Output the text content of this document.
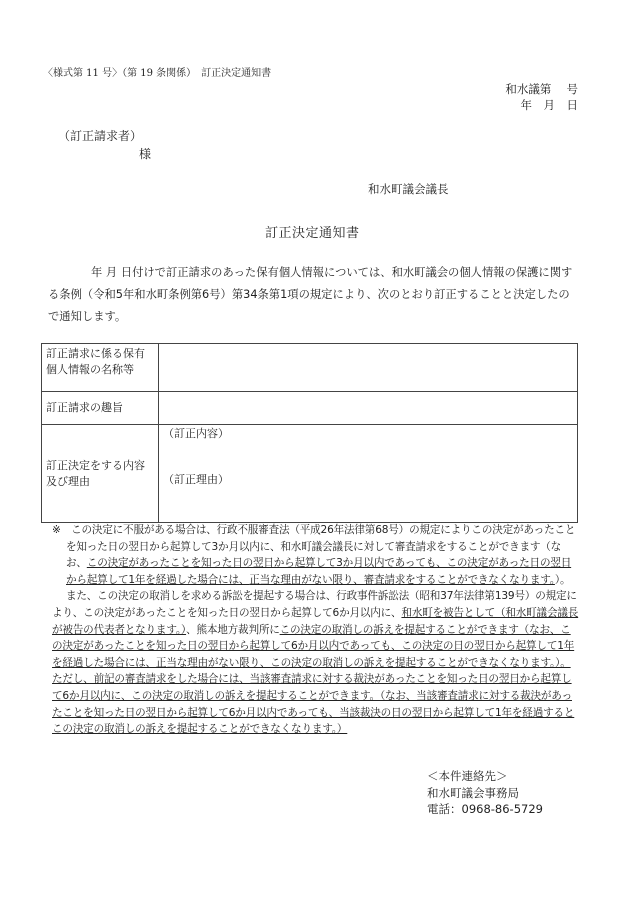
〈様式第 11 号〉（第 19 条関係）　訂正決定通知書
和水議第　 号
年　月　日
（訂正請求者）
様
和水町議会議長
訂正決定通知書
年 月 日付けで訂正請求のあった保有個人情報については、和水町議会の個人情報の保護に関する条例（令和5年和水町条例第6号）第34条第1項の規定により、次のとおり訂正することと決定したので通知します。
訂正請求に係る保有個人情報の名称等	
訂正請求の趣旨	
訂正決定をする内容及び理由	（訂正内容）
（訂正理由）

※　 この決定に不服がある場合は、行政不服審査法（平成26年法律第68号）の規定によりこの決定があったことを知った日の翌日から起算して3か月以内に、和水町議会議長に対して審査請求をすることができます（なお、この決定があったことを知った日の翌日から起算して3か月以内であっても、この決定があった日の翌日から起算して1年を経過した場合には、正当な理由がない限り、審査請求をすることができなくなります。）。

また、この決定の取消しを求める訴訟を提起する場合は、行政事件訴訟法（昭和37年法律第139号）の規定により、この決定があったことを知った日の翌日から起算して6か月以内に、和水町を被告として（和水町議会議長が被告の代表者となります。）、熊本地方裁判所にこの決定の取消しの訴えを提起することができます（なお、この決定があったことを知った日の翌日から起算して6か月以内であっても、この決定の日の翌日から起算して1年を経過した場合には、正当な理由がない限り、この決定の取消しの訴えを提起することができなくなります。）。ただし、前記の審査請求をした場合には、当該審査請求に対する裁決があったことを知った日の翌日から起算して6か月以内に、この決定の取消しの訴えを提起することができます。（なお、当該審査請求に対する裁決があったことを知った日の翌日から起算して6か月以内であっても、当該裁決の日の翌日から起算して1年を経過するとこの決定の取消しの訴えを提起することができなくなります。）

＜本件連絡先＞
和水町議会事務局
電話：0968-86-5729
